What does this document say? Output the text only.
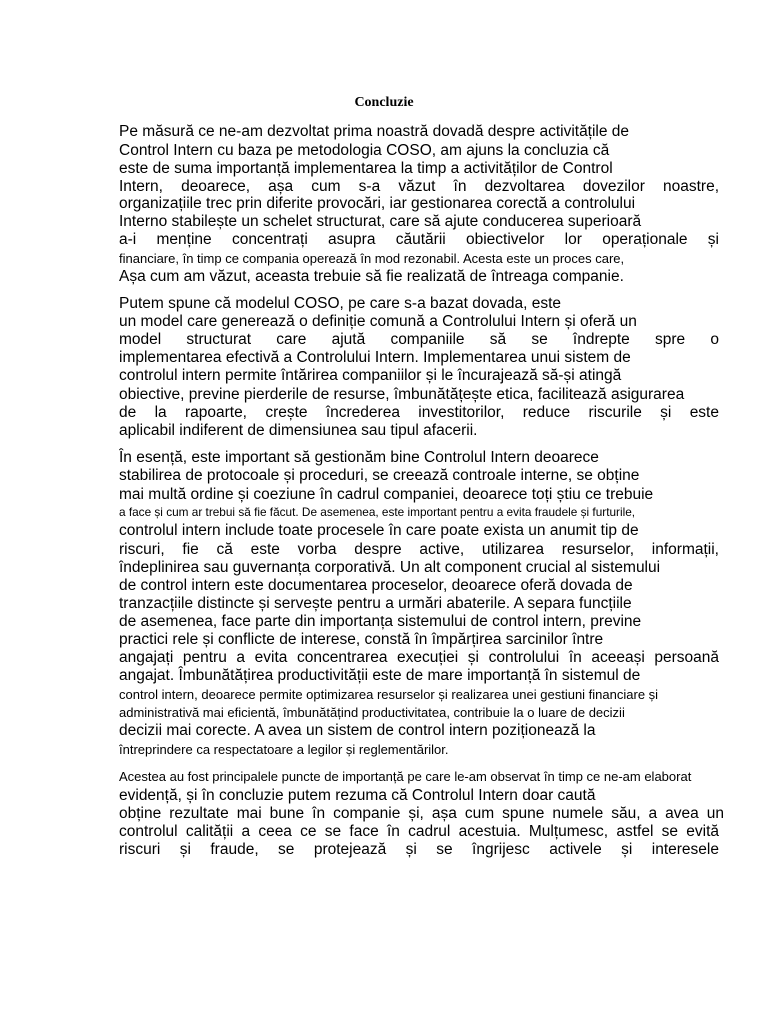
Concluzie
Pe măsură ce ne-am dezvoltat prima noastră dovadă despre activitățile de
Control Intern cu baza pe metodologia COSO, am ajuns la concluzia că
este de suma importanță implementarea la timp a activităților de Control
Intern, deoarece, așa cum s-a văzut în dezvoltarea dovezilor noastre,
organizațiile trec prin diferite provocări, iar gestionarea corectă a controlului
Interno stabilește un schelet structurat, care să ajute conducerea superioară
a-i menține concentrați asupra căutării obiectivelor lor operaționale și
financiare, în timp ce compania operează în mod rezonabil. Acesta este un proces care,
Așa cum am văzut, aceasta trebuie să fie realizată de întreaga companie.
Putem spune că modelul COSO, pe care s-a bazat dovada, este
un model care generează o definiție comună a Controlului Intern și oferă un
model structurat care ajută companiile să se îndrepte spre o
implementarea efectivă a Controlului Intern. Implementarea unui sistem de
controlul intern permite întărirea companiilor și le încurajează să-și atingă
obiective, previne pierderile de resurse, îmbunătățește etica, facilitează asigurarea
de la rapoarte, crește încrederea investitorilor, reduce riscurile și este
aplicabil indiferent de dimensiunea sau tipul afacerii.
În esență, este important să gestionăm bine Controlul Intern deoarece
stabilirea de protocoale și proceduri, se creează controale interne, se obține
mai multă ordine și coeziune în cadrul companiei, deoarece toți știu ce trebuie
a face și cum ar trebui să fie făcut. De asemenea, este important pentru a evita fraudele și furturile,
controlul intern include toate procesele în care poate exista un anumit tip de
riscuri, fie că este vorba despre active, utilizarea resurselor, informații,
îndeplinirea sau guvernanța corporativă. Un alt component crucial al sistemului
de control intern este documentarea proceselor, deoarece oferă dovada de
tranzacțiile distincte și servește pentru a urmări abaterile. A separa funcțiile
de asemenea, face parte din importanța sistemului de control intern, previne
practici rele și conflicte de interese, constă în împărțirea sarcinilor între
angajați pentru a evita concentrarea execuției și controlului în aceeași persoană
angajat. Îmbunătățirea productivității este de mare importanță în sistemul de
control intern, deoarece permite optimizarea resurselor și realizarea unei gestiuni financiare și
administrativă mai eficientă, îmbunătățind productivitatea, contribuie la o luare de decizii
decizii mai corecte. A avea un sistem de control intern poziționează la
întreprindere ca respectatoare a legilor și reglementărilor.
Acestea au fost principalele puncte de importanță pe care le-am observat în timp ce ne-am elaborat
evidență, și în concluzie putem rezuma că Controlul Intern doar caută
obține rezultate mai bune în companie și, așa cum spune numele său, a avea un
controlul calității a ceea ce se face în cadrul acestuia. Mulțumesc, astfel se evită
riscuri și fraude, se protejează și se îngrijesc activele și interesele
